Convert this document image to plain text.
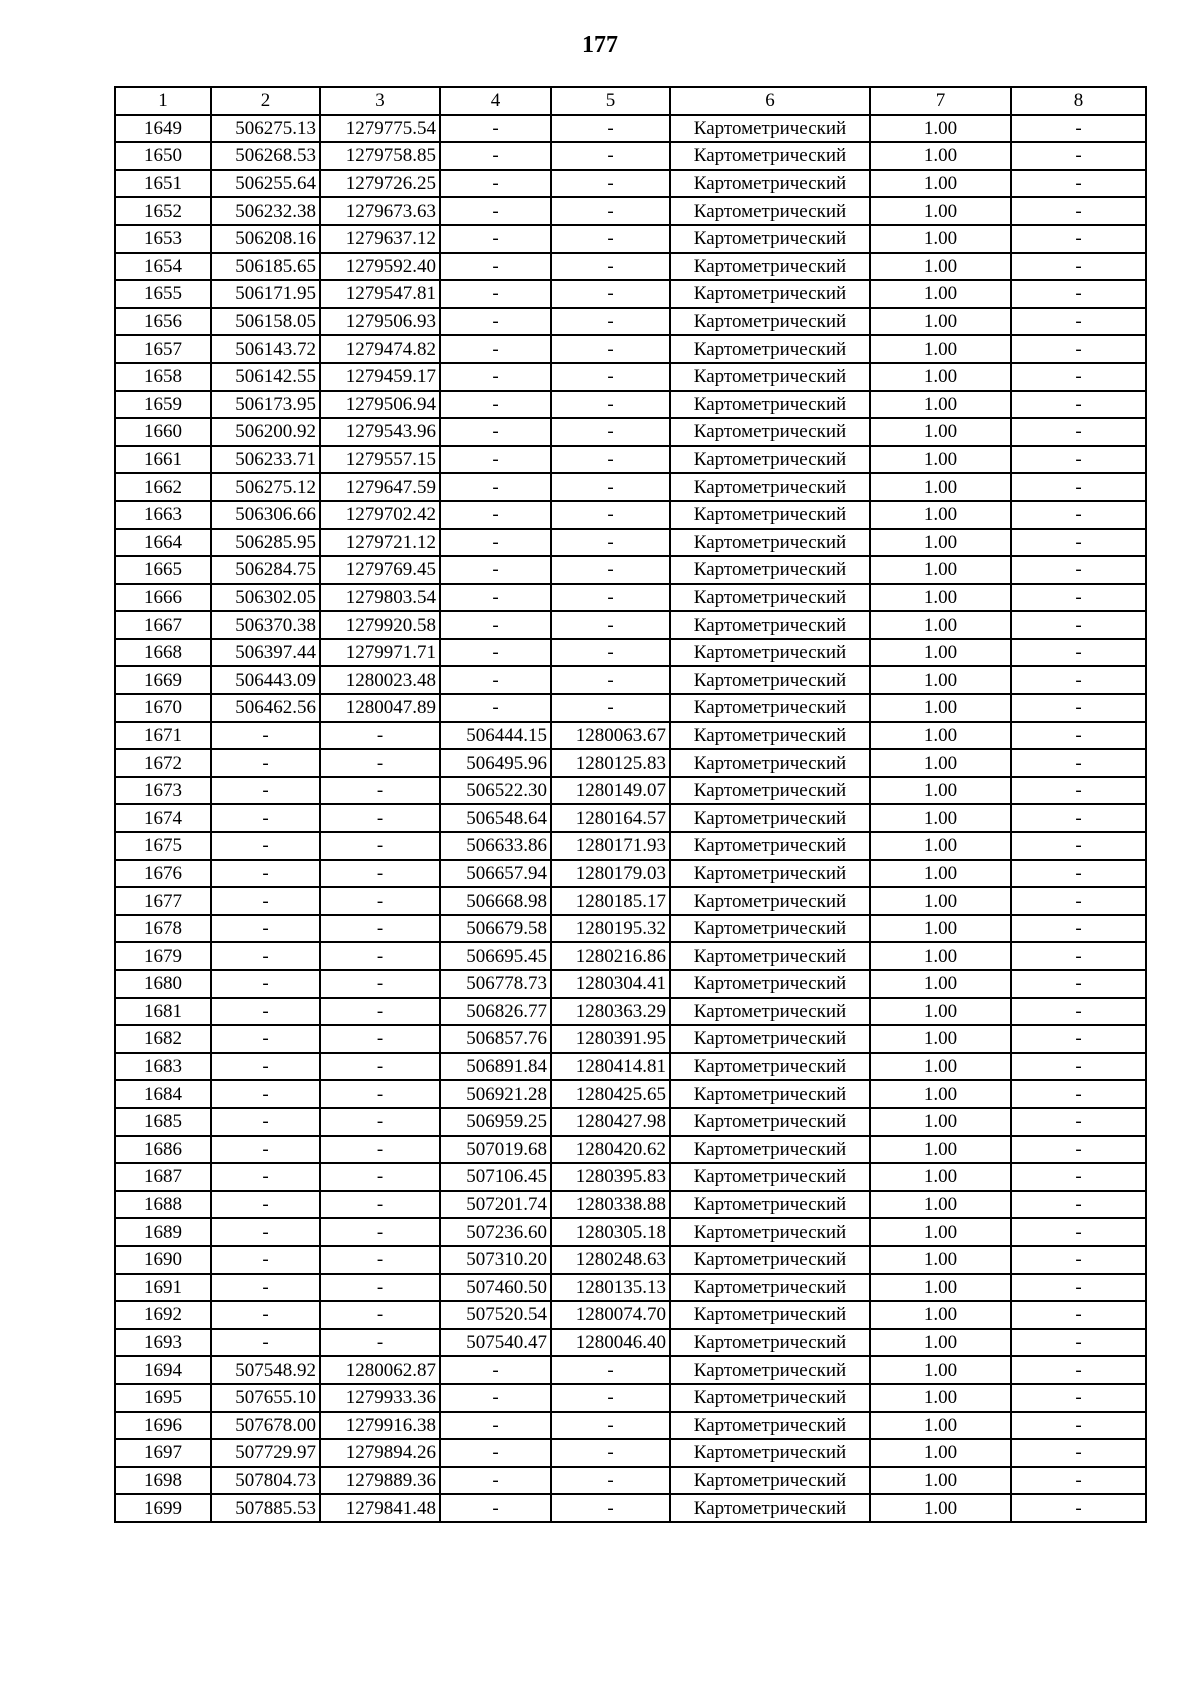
177
1	2	3	4	5	6	7	8
1649	506275.13	1279775.54	-	-	Картометрический	1.00	-
1650	506268.53	1279758.85	-	-	Картометрический	1.00	-
1651	506255.64	1279726.25	-	-	Картометрический	1.00	-
1652	506232.38	1279673.63	-	-	Картометрический	1.00	-
1653	506208.16	1279637.12	-	-	Картометрический	1.00	-
1654	506185.65	1279592.40	-	-	Картометрический	1.00	-
1655	506171.95	1279547.81	-	-	Картометрический	1.00	-
1656	506158.05	1279506.93	-	-	Картометрический	1.00	-
1657	506143.72	1279474.82	-	-	Картометрический	1.00	-
1658	506142.55	1279459.17	-	-	Картометрический	1.00	-
1659	506173.95	1279506.94	-	-	Картометрический	1.00	-
1660	506200.92	1279543.96	-	-	Картометрический	1.00	-
1661	506233.71	1279557.15	-	-	Картометрический	1.00	-
1662	506275.12	1279647.59	-	-	Картометрический	1.00	-
1663	506306.66	1279702.42	-	-	Картометрический	1.00	-
1664	506285.95	1279721.12	-	-	Картометрический	1.00	-
1665	506284.75	1279769.45	-	-	Картометрический	1.00	-
1666	506302.05	1279803.54	-	-	Картометрический	1.00	-
1667	506370.38	1279920.58	-	-	Картометрический	1.00	-
1668	506397.44	1279971.71	-	-	Картометрический	1.00	-
1669	506443.09	1280023.48	-	-	Картометрический	1.00	-
1670	506462.56	1280047.89	-	-	Картометрический	1.00	-
1671	-	-	506444.15	1280063.67	Картометрический	1.00	-
1672	-	-	506495.96	1280125.83	Картометрический	1.00	-
1673	-	-	506522.30	1280149.07	Картометрический	1.00	-
1674	-	-	506548.64	1280164.57	Картометрический	1.00	-
1675	-	-	506633.86	1280171.93	Картометрический	1.00	-
1676	-	-	506657.94	1280179.03	Картометрический	1.00	-
1677	-	-	506668.98	1280185.17	Картометрический	1.00	-
1678	-	-	506679.58	1280195.32	Картометрический	1.00	-
1679	-	-	506695.45	1280216.86	Картометрический	1.00	-
1680	-	-	506778.73	1280304.41	Картометрический	1.00	-
1681	-	-	506826.77	1280363.29	Картометрический	1.00	-
1682	-	-	506857.76	1280391.95	Картометрический	1.00	-
1683	-	-	506891.84	1280414.81	Картометрический	1.00	-
1684	-	-	506921.28	1280425.65	Картометрический	1.00	-
1685	-	-	506959.25	1280427.98	Картометрический	1.00	-
1686	-	-	507019.68	1280420.62	Картометрический	1.00	-
1687	-	-	507106.45	1280395.83	Картометрический	1.00	-
1688	-	-	507201.74	1280338.88	Картометрический	1.00	-
1689	-	-	507236.60	1280305.18	Картометрический	1.00	-
1690	-	-	507310.20	1280248.63	Картометрический	1.00	-
1691	-	-	507460.50	1280135.13	Картометрический	1.00	-
1692	-	-	507520.54	1280074.70	Картометрический	1.00	-
1693	-	-	507540.47	1280046.40	Картометрический	1.00	-
1694	507548.92	1280062.87	-	-	Картометрический	1.00	-
1695	507655.10	1279933.36	-	-	Картометрический	1.00	-
1696	507678.00	1279916.38	-	-	Картометрический	1.00	-
1697	507729.97	1279894.26	-	-	Картометрический	1.00	-
1698	507804.73	1279889.36	-	-	Картометрический	1.00	-
1699	507885.53	1279841.48	-	-	Картометрический	1.00	-
